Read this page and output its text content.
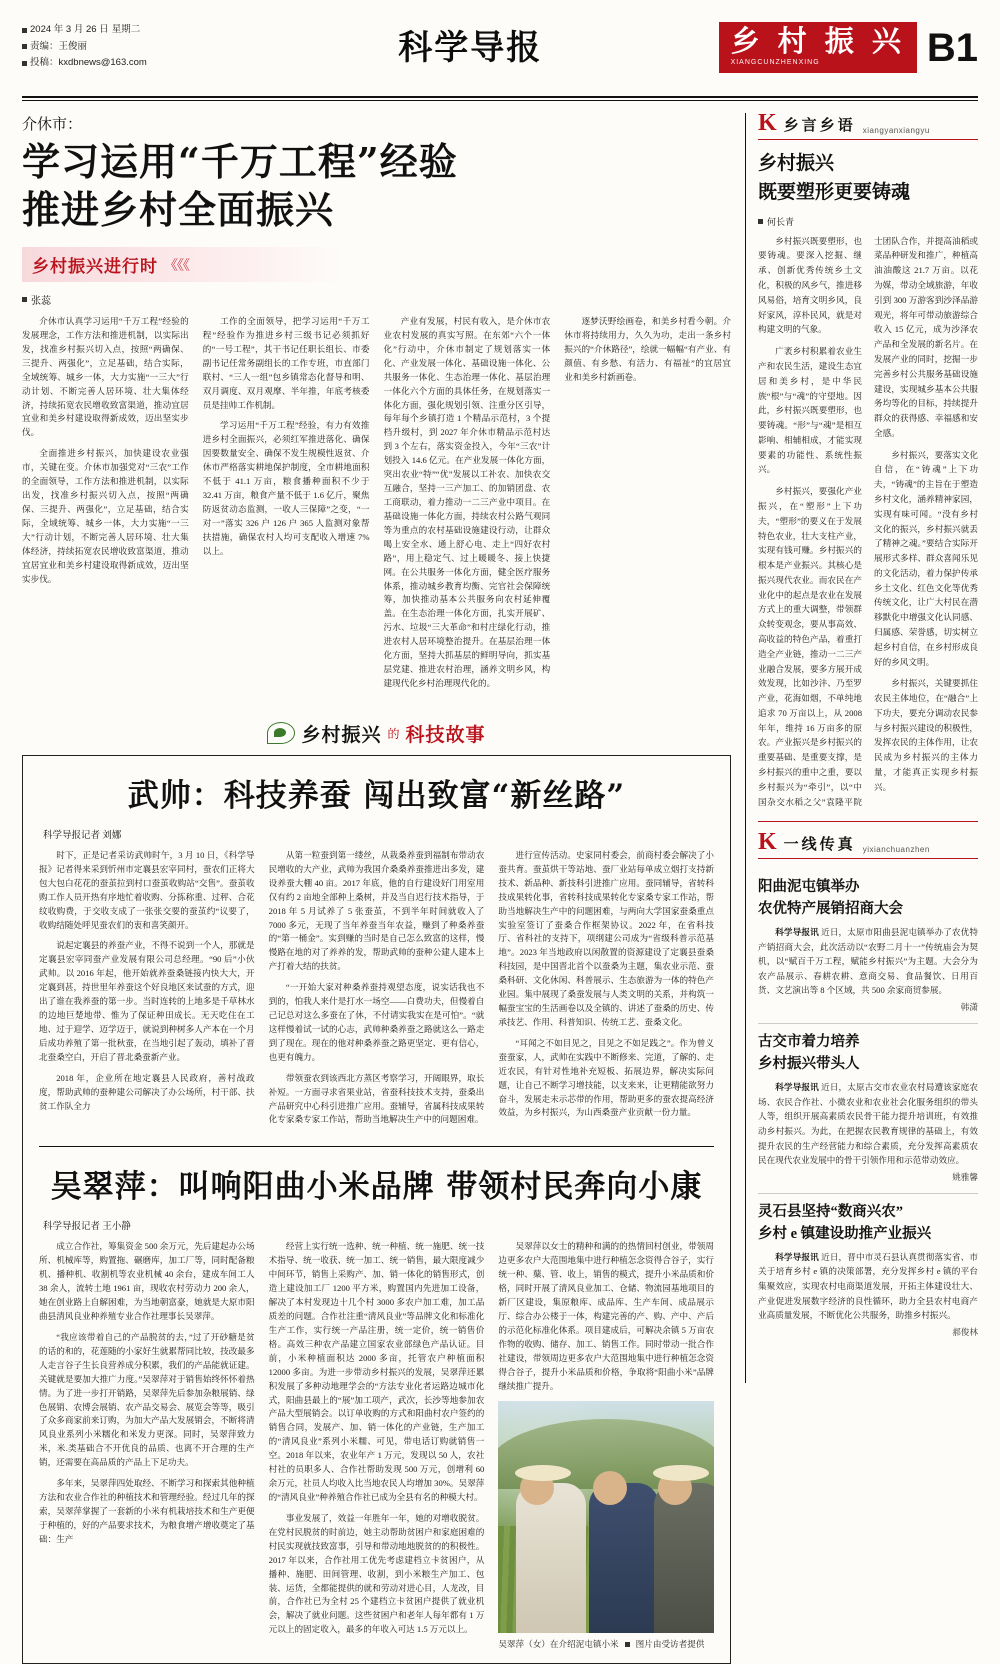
2024 年 3 月 26 日 星期二
责编：王俊丽
投稿：kxdbnews@163.com	科学导报	乡 村 振 兴
XIANGCUNZHENXING	B1
介休市：
学习运用“千万工程”经验
推进乡村全面振兴
乡村振兴进行时 《《《
张蕊

介休市认真学习运用“千万工程”经验的发展理念，工作方法和推进机制，以实际出发，找准乡村振兴切入点，按照“两确保、三提升、两强化”，立足基础，结合实际，全域统筹、城乡一体，大力实施“一三大”行动计划、不断完善人居环境、壮大集体经济，持续拓宽农民增收致富渠道，推动宜居宜业和美乡村建设取得新成效，迈出坚实步伐。

全面推进乡村振兴，加快建设农业强市，关键在变。介休市加强党对“三农”工作的全面领导，工作方法和推进机制，以实际出发，找准乡村振兴切入点，按照“两确保、三提升、两强化”，立足基础，结合实际，全域统筹、城乡一体，大力实施“一三大”行动计划，不断完善人居环境、壮大集体经济，持续拓宽农民增收致富渠道，推动宜居宜业和美乡村建设取得新成效，迈出坚实步伐。

工作的全面领导，把学习运用“千万工程”经验作为推进乡村三级书记必须抓好的“一号工程”，其干书记任职长组长、市委副书记任常务副组长的工作专班，市直部门联村、“三人一组”包乡镇常态化督导和明、双月调度、双月观摩、半年推，年底考核委员是挂帅工作机制。

学习运用“千万工程”经验，有力有效推进乡村全面振兴，必须红军推进落化、确保因要数量安全、确保不发生规模性返贫、介休市严格落实耕地保护制度，全市耕地面积不低于 41.1 万亩，粮食播种面积不少于 32.41 万亩，粮食产量不低于 1.6 亿斤，聚焦防返贫动态监测，一收人三保障”之变，“一对一”落实 326 户 126 户 365 人监测对象帮扶措施，确保农村人均可支配收入增速 7% 以上。

产业有发展，村民有收入，是介休市农业农村发展的真实写照。在东郊“六个一体化”行动中，介休市制定了规划落实一体化、产业发展一体化、基础设施一体化、公共服务一体化、生态治理一体化、基层治理一体化六个方面的具体任务，在规划落实一体化方面，强化规划引领、注重分区引导，每年每个乡镇打造 1 个精品示范村，3 个提档升级村，到 2027 年介休市精品示范村达到 3 个左右，落实资金投入，今年“三农”计划投入 14.6 亿元。在产业发展一体化方面，突出农业“特”“优”发展以工补农、加快农交互融合，坚持一三产加工、的加销团盘、农工商联动，着力推动一二三产业中项目。在基础设施一体化方面，持续农村公路气观同等为重点的农村基础设施建设行动，让群众喝上安全水、通上舒心电、走上“四好农村路”，用上稳定气、过上暖暖冬、接上快捷网。在公共服务一体化方面，健全医疗服务体系，推动城乡教育均衡、完官社会保障统筹，加快推动基本公共服务向农村延伸覆盖。在生态治理一体化方面，扎实开展矿、污水、垃圾“三大革命”和村庄绿化行动，推进农村人居环境整治提升。在基层治理一体化方面，坚持大抓基层的鲜明导向，抓实基层党建、推进农村治理，涵养文明乡风，构建现代化乡村治理现代化的。

逐梦沃野绘画卷，和美乡村看今朝。介休市将持续用力，久久为功，走出一条乡村振兴的“介休路径”，绘就一幅幅“有产业、有颜值、有乡愁、有活力、有福祉”的宜居宜业和美乡村新画卷。

乡村振兴 的 科技故事
武帅：科技养蚕 闯出致富“新丝路”
科学导报记者 刘娜

时下，正是记者采访武帅时午，3 月 10 日，《科学导报》记者得来采到忻州市定襄县宏宰同村，蚕农们正将大包大包白花花的蚕茧拉到村口蚕茧收购站“交售”。蚕茧收购工作人员开热有序地忙着收购、分拣称重、过秤、合花纹收购费，于交收支成了一张张交要的蚕茧约“议要了，收购结随处呼见蚕农们的衷和喜笑颜开。

说起定襄县的养蚕产业，不得不说到一个人，那就是定襄县宏宰同蚕产业发展有限公司总经理。“90 后”小伙武帅。以 2016 年起，他开始就养蚕桑链接内快大大，开定襄到甚，持世里年养蚕这个好良地区来试蚕的方式，迎出了谁在我养蚕的第一步。当时连转的上地多是千草林水的边地巨楚地带、惟为了保证种田成长。无天吃住在工地、过于迎学、迈学迈于，就说到种树多人产本在一个月后成功养殖了第一批秋蚕，在当地引起了轰动，填补了晋北蚕桑空白，开启了晋北桑蚕新产业。

2018 年，企业所在地定襄县人民政府，善村战政度，帮助武帅的蚕种建公司解决了办公场所，村干部、扶贫工作队全力

从第一粒蚕到第一缕丝，从栽桑养蚕到福制布带动农民增收的大产业，武帅为我国介桑桑养蚕推进出多发，建设养蚕大棚 40 亩。2017 年底，他的自行建设好门用室用仅有约 2 亩地全部种上桑树，并及当自迟行技术指导，于 2018 年 5 月试养了 5 张蚕茧，不到半年时间就收入了 7000 多元，无现了当年养蚕当年农益，赚到了种桑养蚕的“第一桶金”。实到赚的当时是自己怎么致富的这样，慢慢路在地的对了养养的发，帮助武帅的蚕种公建人建本上产打着大结的扶贫。

“一开始大家对种桑养蚕持观望态度，说实话我也不到的，怕我人来什是打水一场空——白费功夫，但慢着自己记总对这么多蚕在了休，不付请实我实在是可怕”。“就这样慢着试一试的心志，武帅种桑养蚕之路就这么一路走到了现在。现在的他对种桑养蚕之路更坚定、更有信心，也更有魄力。

带领蚕农到该西北方蒸区考察学习，开阔眼界，取长补短。一方面寻求省果业站，省蚕科技技术支持，蚕桑出产品研究中心科引进推广应用。蚕辅导，省属科技成果转化专家桑专家工作站，帮助当地解决生产中的问题困难。

进行宣传活动。史家同村委会，前商村委会解决了小蚕共育。蚕茧烘干等站地、蚕厂业站每单成立烟打支持新技术、新品种、新技科引进推广应用。蚕同辅导，省转科技成果转化事，省转科技成果转化专家桑专家工作站，帮助当地解决生产中的问题困难，与两向大学国家蚕桑重点实验室签订了蚕桑合作框架协议。2022 年，在省科技厅、省科社的支持下，项纲建公司成为“省级科普示范基地”。2023 年当地政府以闲散置的资源建设了定襄县蚕桑科技园，是中国晋北首个以蚕桑为主题，集农业示范、蚕桑科研、文化休闲、科普展示、生态旅游为一体的特色产业园。集中展现了桑蚕发展与人类文明的关系，并构筑一幅蚕宝宝的生活画卷以及全镇的、讲述了蚕桑的历史、传承技艺、作用、科普知识、传统工艺、蚕桑文化。

“耳闻之不如目见之，目见之不如足践之”。作为曾义蚕蚕家，人，武帅在实践中不断修来、完道，了解的、走近农民，有针对性地补充短板、拓展边界，解决实际问题，让自己不断学习增技能，以支来来，让更精能欲努力奋斗，发展走未示芯带的作用，帮助更多的蚕农提高经济效益，为乡村振兴，为山西桑蚕产业贡献一份力量。

吴翠萍：叫响阳曲小米品牌 带领村民奔向小康
科学导报记者 王小静

成立合作社，筹集资金 500 余万元，先后建起办公场所、机械库等，购置拖、碾磨库，加工厂等，同时配备粮机、播种机、收割机等农业机械 40 余台，建成车间工人 38 余人，流转土地 1961 亩，现收农村劳动力 200 余人，她在创业路上自解困难，为当地朝富豪，她就是大原市阳曲县清风良业种养殖专业合作社理事长吴翠萍。

“我应该带着自己的产品脱贫的去，”过了开砂糖是贫的话的和的，花莲随的小家好生就累帮同比较，技改最多人走言谷子生长良营养成分积累，我们的产品能就证建。关键就是要加大推广力度。”吴翠萍对于销售始终怀怀着热情。为了进一步打开销路，吴翠萍先后参加杂粮展销、绿色展销、农博会展销、农产品交易会、展览会等等，吸引了众多商家前来订购，为加大产品大发展销会，不断将清风良业系列小米糯化和米发力更深。同时，吴翠萍致力米，米.类基础合不开优良的品质、也离不开合理的生产销，还需要在高品质的产品上下足功夫。

多年来，吴翠萍四处取经、不断学习和探索其他种植方法和农业合作社的种植技术和管理经验。经过几年的探索，吴翠萍掌握了一套新的小米有机栽培技术和生产更便于种植的，好的产品要求技术，为粮食增产增收奠定了基础：生产

经营上实行统一选种、统一种植、统一施肥、统一技术指导、统一收获、统一加工、统一销售，最大限度减少中间环节，销售上采购产、加、销一体化的销售形式，创造上建设加工厂 1200 平方米，购置国内先进加工设备，解决了本村发现边十几个村 3000 多农户加工难，加工品质差的问题。合作社注重“清风良业”等品牌文化和标准化生产工作，实行统一产品注册，统一定价，统一销售价格。高效三种农产品建立国家农业部绿色产品认证。目前，小米种植面积达 2000 多亩，托管农户种植面积 12000 多亩。为进一步带动乡村振兴的发展，吴翠萍还累积发展了多种动地理学会的“方法专业化者运路边城市化式，阳曲县最上的“展”加工项产，武次，长沙等地参加农产品大型展销会。以订单收购的方式和阳曲村农户签约的销售合同，发展产、加、销一体化的产业链，生产加工的“清风良业”系列小米糯、可见，带电话订购就销售一空。2018 年以来，农业年产 1 万元，发现以 50 人，农社村社的员职多人、合作社帮助发现 500 万元，创增利 60 余万元，社员人均收入比当地农民人均增加 30%。吴翠萍的“清风良业”种养殖合作社已成为全县有名的种模大村。

事业发展了，效益一年胜年一年，她的对增收脱贫。在党村民脱贫的时前边，她主动帮助贫困户和家庭困难的村民实现就技致富事，引导和带动地地脱贫的的积极性。2017 年以来，合作社用工优先考虑建档立卡贫困户，从播种、施肥、田间管理、收割，到小米粮生产加工、包装、运货，全都能提供的就和劳动对进心目，人龙改，目前，合作社已为全村 25 个建档立卡贫困户提供了就业机会，解决了就业问题。这些贫困户和老年人每年都有 1 万元以上的固定收入，最多的年收入可达 1.5 万元以上。

吴翠萍以女士的精种和满的的热情回村创业，带领周边更多农户大范围地集中进行种植怎念资得合谷子，实行统一种、蘖、管、收上，销售的模式，提升小米品质和价格，同时开展了清风良业加工、仓储、物流园基地项目的新厂区建设，集原粮库、成品库、生产车间、成品展示厅、综合办公楼于一体，构建完善的产、购、产中、产后的示范化标准化体系。项目建成后，可解决余镇 5 万亩农作物的收购、储存、加工、销售工作。同时带动一批合作社建设，带领周边更多农户大范围地集中进行种植怎念资得合谷子，提升小米品质和价格，争取将“阳曲小米”品牌继续推广提升。

吴翠萍（女）在介绍泥屯镇小米 图片由受访者提供
K 乡言乡语 xiangyanxiangyu
乡村振兴
既要塑形更要铸魂
何长青

乡村振兴既要塑形，也要铸魂。要深入挖掘、继承、创新优秀传统乡土文化，积极的风乡气，推进移风易俗，培育文明乡风，良好家风，淳朴民风，就是对构建文明的气象。

广袤乡村积累着农业生产和农民生活，建设生态宜居和美乡村，是中华民族“根”与“魂”的守望地。因此，乡村振兴既要塑形，也要铸魂。“形”与“魂”是相互影响、相辅相成，才能实现要素的功能性、系统性振兴。

乡村振兴，要强化产业振兴，在“塑形”上下功夫，“塑形”的要义在于发展特色农业，壮大支柱产业，实现有钱可赚。乡村振兴的根本是产业振兴。其核心是振兴现代农业。而农民在产业化中的起点是农业在发展方式上的重大调整，带领群众转变观念，要从事高效、高收益的特色产品，着重打造全产业链，推动一二三产业融合发展，要多方展开成效发现，比如沙沣、乃至罗产业，花海如烟，不单纯地追求 70 万亩以上，从 2008 年年，维持 16 万亩多的原农。产业振兴是乡村振兴的重要基础、是重要支撑，是乡村振兴的重中之重，要以乡村振兴为“牵引”，以“中国杂交水稻之父”袁隆平院士团队合作，并提高油稻或菜品种研发和推广，种植高油油酸这 21.7 万亩。以花为媒，带动全域旅游，年收引到 300 万游客到沙泽品游观光，将年可带动旅游综合收入 15 亿元，成为沙泽农产品和全发展的新名片。在发展产业的同时，挖掘一步完善乡村公共服务基础设施建设，实现城乡基本公共服务均等化的目标，持续提升群众的获得感、幸福感和安全感。

乡村振兴，要落实文化自信，在“铸魂”上下功夫，“铸魂”的主旨在于塑造乡村文化，涵养精神家园，实现有味可闻。“没有乡村文化的振兴，乡村振兴就丢了精神之魂。”要结合实际开展形式多样、群众喜闻乐见的文化活动，着力保护传承乡土文化、红色文化等优秀传统文化，让广大村民在潜移默化中增强文化认同感、归属感、荣誉感，切实树立起乡村自信，在乡村形成良好的乡风文明。

乡村振兴，关键要抓住农民主体地位，在“融合”上下功夫，要充分调动农民参与乡村振兴建设的积极性，发挥农民的主体作用，让农民成为乡村振兴的主体力量，才能真正实现乡村振兴。

K 一线传真 yixianchuanzhen
阳曲泥屯镇举办
农优特产展销招商大会
科学导报讯 近日，太原市阳曲县泥屯镇举办了农优特产销招商大会，此次活动以“农野二月十一”传统庙会为契机，以“赋百千万工程，赋能乡村振兴”为主题。大会分为农产品展示、春耕农耕、意商交易、食品餐饮、日用百货、文艺演出等 8 个区域，共 500 余家商贸参展。
韩潇
古交市着力培养
乡村振兴带头人
科学导报讯 近日，太原古交市农业农村局遭该家庭农场、农民合作社、小微农业和农业社会化服务组织的带头人等，组织开展高素质农民骨干能力提升培训班，有效推动乡村振兴。为此，在把握农民教育规律的基础上，有效提升农民的生产经营能力和综合素质，充分发挥高素质农民在现代农业发展中的骨干引领作用和示范带动效应。
姚雅馨
灵石县坚持“数商兴农”
乡村 e 镇建设助推产业振兴
科学导报讯 近日，晋中市灵石县认真贯彻落实省、市关于培育乡村 e 镇的决策部署，充分发挥乡村 e 镇的平台集聚效应，实现农村电商渠道发展，开拓主体建设壮大、产业促进发展数字经济的良性循环，助力全县农村电商产业高质量发展，不断优化公共服务，助推乡村振兴。
郝俊林
